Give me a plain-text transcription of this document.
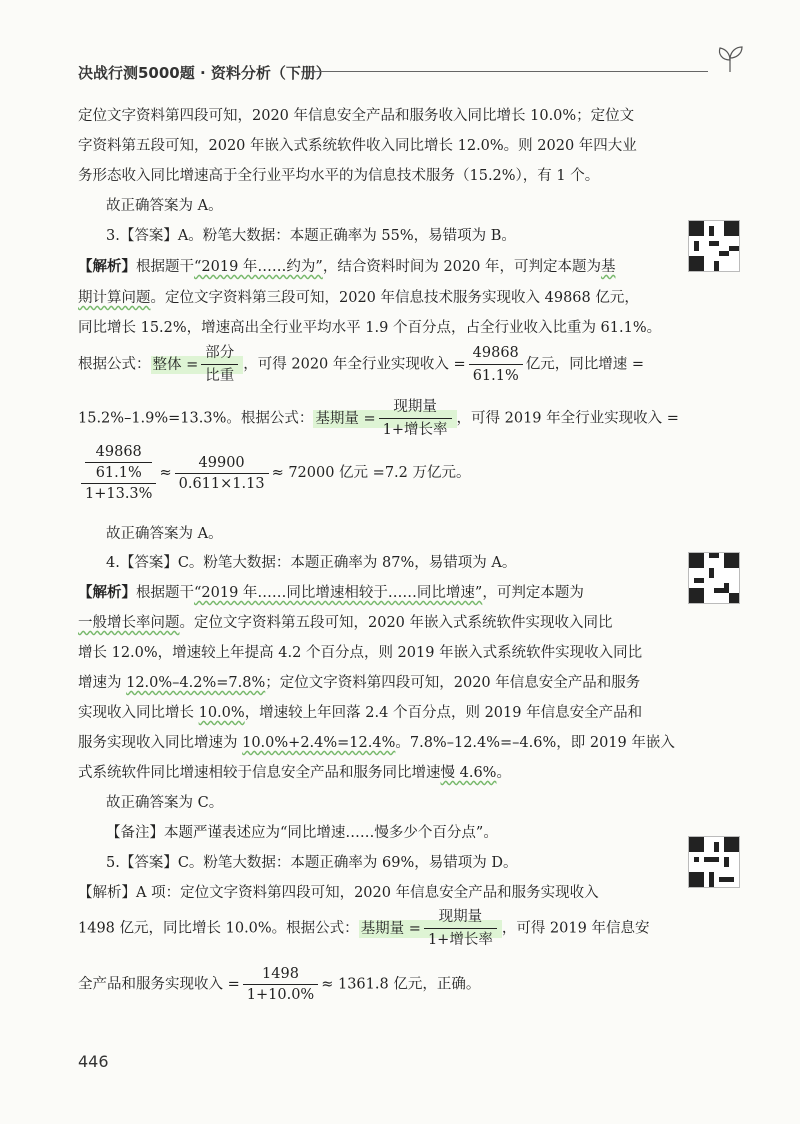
决战行测5000题 · 资料分析（下册）
定位文字资料第四段可知，2020 年信息安全产品和服务收入同比增长 10.0%；定位文
字资料第五段可知，2020 年嵌入式系统软件收入同比增长 12.0%。则 2020 年四大业
务形态收入同比增速高于全行业平均水平的为信息技术服务（15.2%），有 1 个。
故正确答案为 A。
3.【答案】A。粉笔大数据：本题正确率为 55%，易错项为 B。
【解析】根据题干“2019 年……约为”，结合资料时间为 2020 年，可判定本题为基
期计算问题。定位文字资料第三段可知，2020 年信息技术服务实现收入 49868 亿元，
同比增长 15.2%，增速高出全行业平均水平 1.9 个百分点，占全行业收入比重为 61.1%。
根据公式： 整体 = $\frac{\text{部分}}{\text{比重}}$ ，可得 2020 年全行业实现收入 = $\frac{49868}{61.1\%}$ 亿元，同比增速 =
15.2%–1.9%=13.3%。根据公式： 基期量 = $\frac{\text{现期量}}{\text{1+增长率}}$ ，可得 2019 年全行业实现收入 =
49868
61.1%
$1+13.3\% \approx \frac{49900}{0.611\times 1.13} \approx 72000$ 亿元 =7.2 万亿元。
故正确答案为 A。
4.【答案】C。粉笔大数据：本题正确率为 87%，易错项为 A。
【解析】根据题干“2019 年……同比增速相较于……同比增速”，可判定本题为
一般增长率问题。定位文字资料第五段可知，2020 年嵌入式系统软件实现收入同比
增长 12.0%，增速较上年提高 4.2 个百分点，则 2019 年嵌入式系统软件实现收入同比
增速为 12.0%–4.2%=7.8%；定位文字资料第四段可知，2020 年信息安全产品和服务
实现收入同比增长 10.0%，增速较上年回落 2.4 个百分点，则 2019 年信息安全产品和
服务实现收入同比增速为 10.0%+2.4%=12.4%。7.8%–12.4%=–4.6%，即 2019 年嵌入
式系统软件同比增速相较于信息安全产品和服务同比增速慢 4.6%。
故正确答案为 C。
【备注】本题严谨表述应为“同比增速……慢多少个百分点”。
5.【答案】C。粉笔大数据：本题正确率为 69%，易错项为 D。
【解析】A 项：定位文字资料第四段可知，2020 年信息安全产品和服务实现收入
1498 亿元，同比增长 10.0%。根据公式： 基期量 = $\frac{\text{现期量}}{\text{1+增长率}}$ ，可得 2019 年信息安
全产品和服务实现收入 = $\frac{1498}{1+10.0\%} \approx 1361.8$ 亿元，正确。
446
